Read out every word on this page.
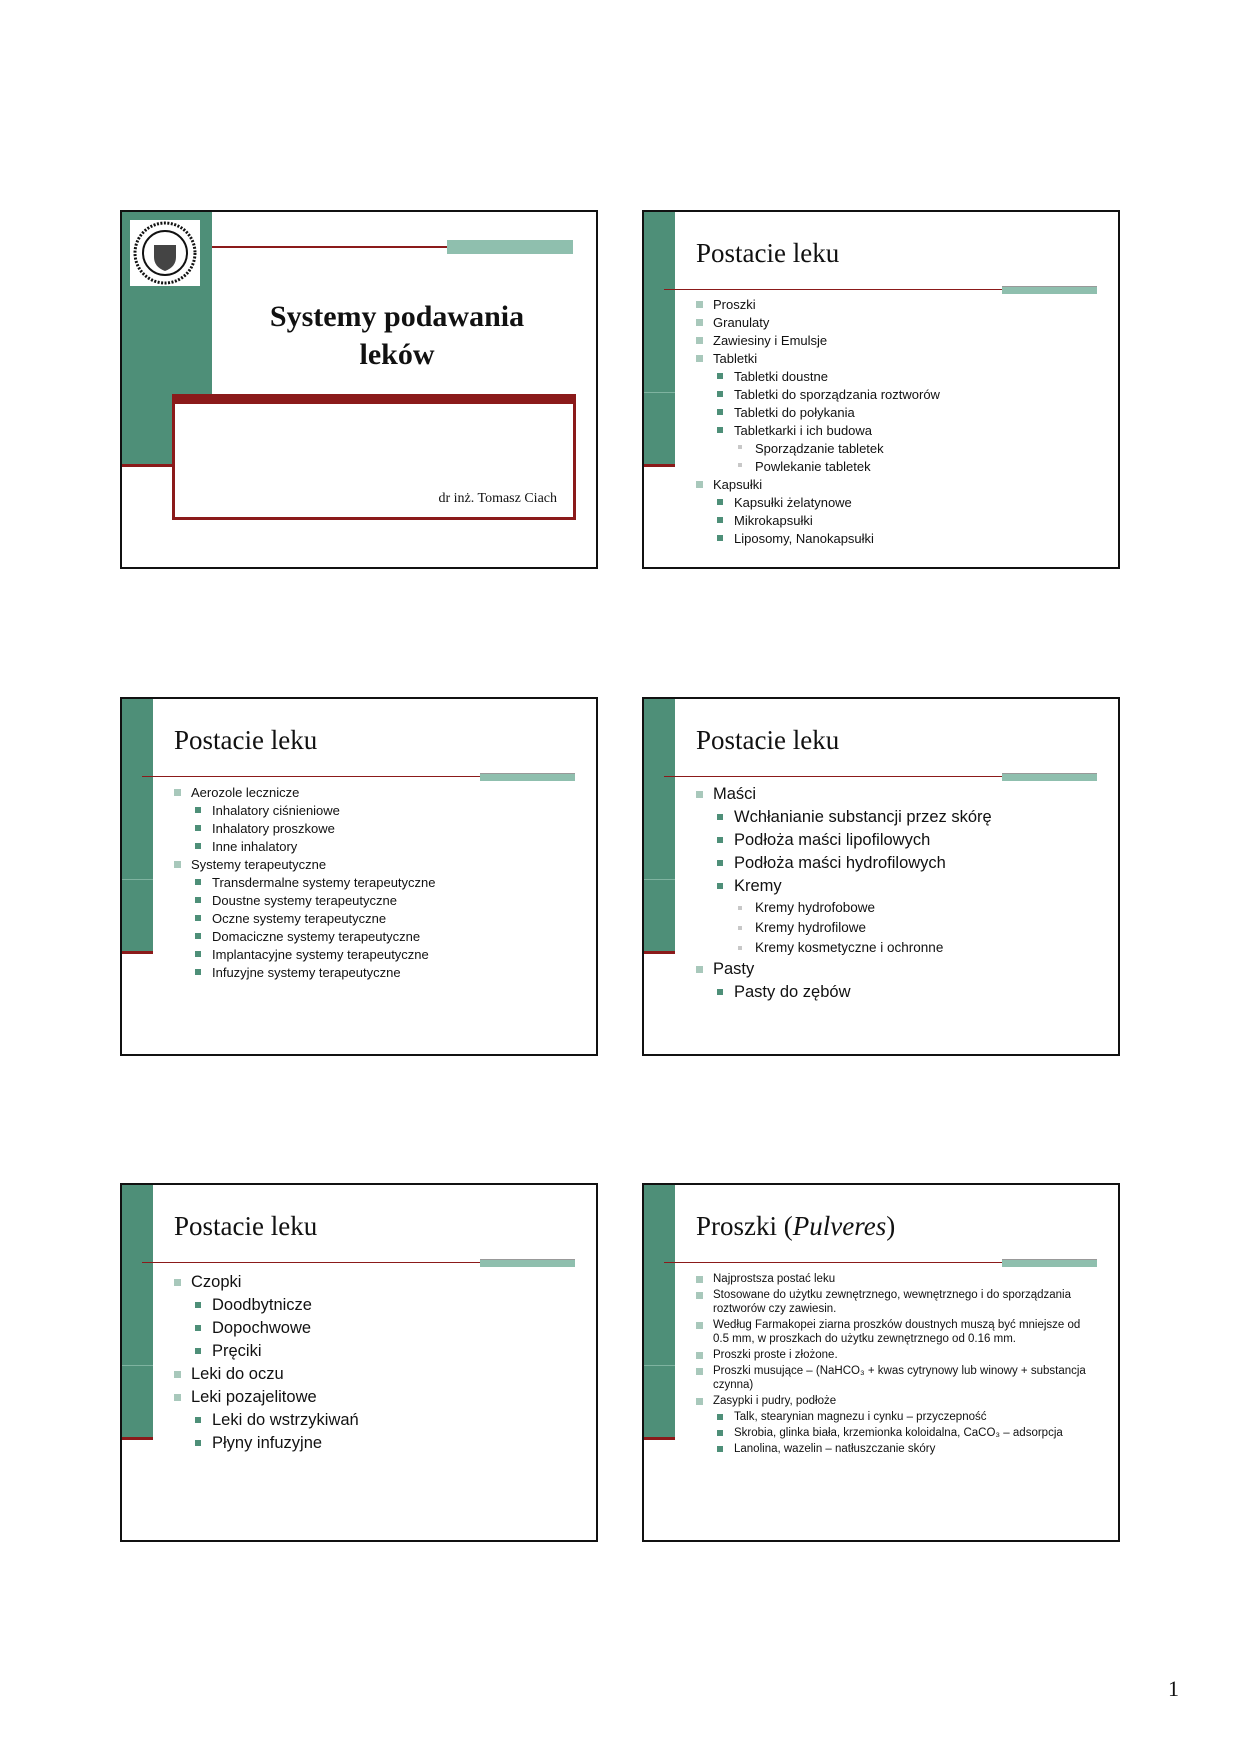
Systemy podawania
leków
dr inż. Tomasz Ciach
Postacie leku
Proszki
Granulaty
Zawiesiny i Emulsje
Tabletki
Tabletki doustne
Tabletki do sporządzania roztworów
Tabletki do połykania
Tabletkarki i ich budowa
Sporządzanie tabletek
Powlekanie tabletek
Kapsułki
Kapsułki żelatynowe
Mikrokapsułki
Liposomy, Nanokapsułki
Postacie leku
Aerozole lecznicze
Inhalatory ciśnieniowe
Inhalatory proszkowe
Inne inhalatory
Systemy terapeutyczne
Transdermalne systemy terapeutyczne
Doustne systemy terapeutyczne
Oczne systemy terapeutyczne
Domaciczne systemy terapeutyczne
Implantacyjne systemy terapeutyczne
Infuzyjne systemy terapeutyczne
Postacie leku
Maści
Wchłanianie substancji przez skórę
Podłoża maści lipofilowych
Podłoża maści hydrofilowych
Kremy
Kremy hydrofobowe
Kremy hydrofilowe
Kremy kosmetyczne i ochronne
Pasty
Pasty do zębów
Postacie leku
Czopki
Doodbytnicze
Dopochwowe
Pręciki
Leki do oczu
Leki pozajelitowe
Leki do wstrzykiwań
Płyny infuzyjne
Proszki (Pulveres)
Najprostsza postać leku
Stosowane do użytku zewnętrznego, wewnętrznego i do sporządzania roztworów czy zawiesin.
Według Farmakopei ziarna proszków doustnych muszą być mniejsze od 0.5 mm, w proszkach do użytku zewnętrznego od 0.16 mm.
Proszki proste i złożone.
Proszki musujące – (NaHCO₃ + kwas cytrynowy lub winowy + substancja czynna)
Zasypki i pudry, podłoże
Talk, stearynian magnezu i cynku – przyczepność
Skrobia, glinka biała, krzemionka koloidalna, CaCO₃ – adsorpcja
Lanolina, wazelin – natłuszczanie skóry
1
